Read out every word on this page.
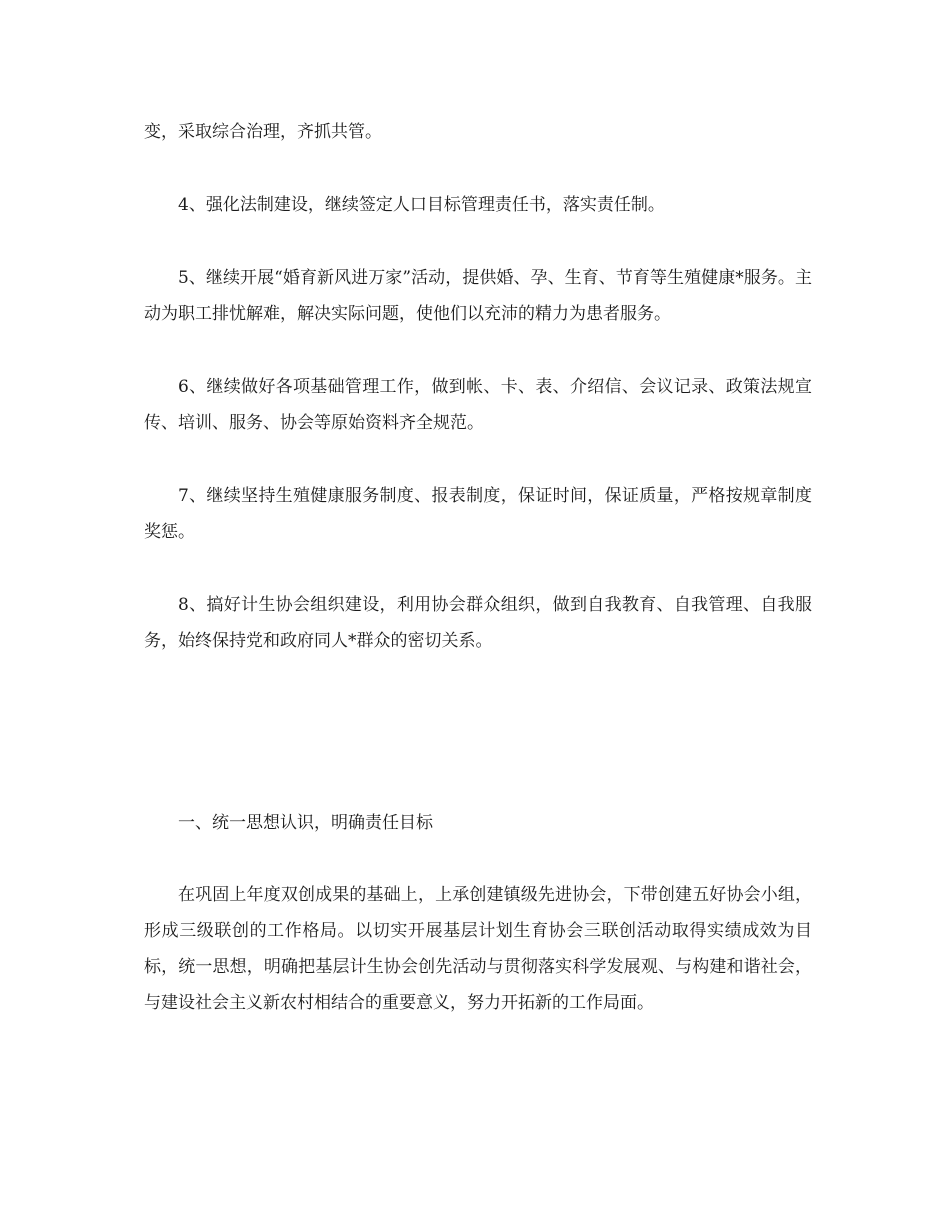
变，采取综合治理，齐抓共管。

4、强化法制建设，继续签定人口目标管理责任书，落实责任制。

5、继续开展“婚育新风进万家”活动，提供婚、孕、生育、节育等生殖健康*服务。主动为职工排忧解难，解决实际问题，使他们以充沛的精力为患者服务。

6、继续做好各项基础管理工作，做到帐、卡、表、介绍信、会议记录、政策法规宣传、培训、服务、协会等原始资料齐全规范。

7、继续坚持生殖健康服务制度、报表制度，保证时间，保证质量，严格按规章制度奖惩。

8、搞好计生协会组织建设，利用协会群众组织，做到自我教育、自我管理、自我服务，始终保持党和政府同人*群众的密切关系。

一、统一思想认识，明确责任目标

在巩固上年度双创成果的基础上，上承创建镇级先进协会，下带创建五好协会小组，形成三级联创的工作格局。以切实开展基层计划生育协会三联创活动取得实绩成效为目标，统一思想，明确把基层计生协会创先活动与贯彻落实科学发展观、与构建和谐社会，与建设社会主义新农村相结合的重要意义，努力开拓新的工作局面。
